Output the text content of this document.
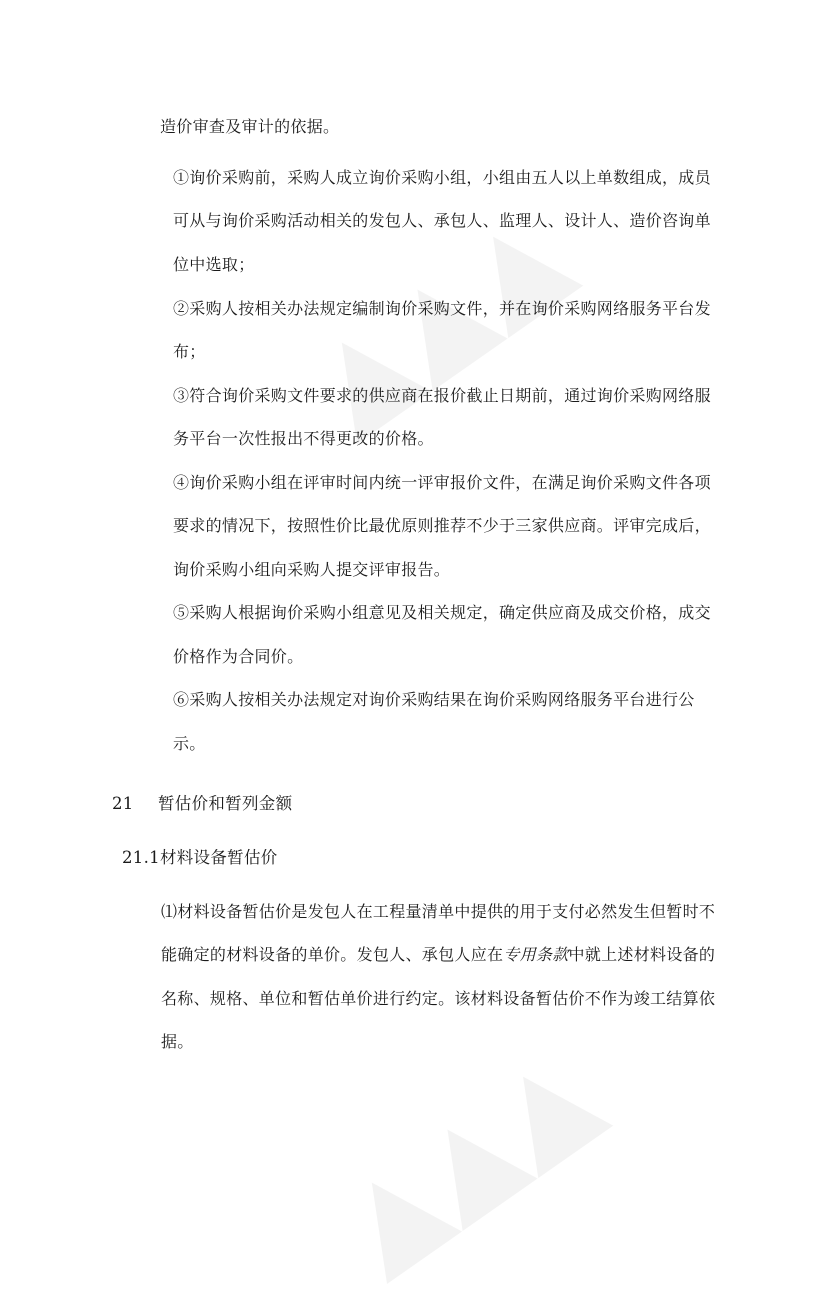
造价审查及审计的依据。

①询价采购前，采购人成立询价采购小组，小组由五人以上单数组成，成员

可从与询价采购活动相关的发包人、承包人、监理人、设计人、造价咨询单

位中选取；

②采购人按相关办法规定编制询价采购文件，并在询价采购网络服务平台发

布；

③符合询价采购文件要求的供应商在报价截止日期前，通过询价采购网络服

务平台一次性报出不得更改的价格。

④询价采购小组在评审时间内统一评审报价文件，在满足询价采购文件各项

要求的情况下，按照性价比最优原则推荐不少于三家供应商。评审完成后，

询价采购小组向采购人提交评审报告。

⑤采购人根据询价采购小组意见及相关规定，确定供应商及成交价格，成交

价格作为合同价。

⑥采购人按相关办法规定对询价采购结果在询价采购网络服务平台进行公

示。

21 暂估价和暂列金额

21.1材料设备暂估价

⑴材料设备暂估价是发包人在工程量清单中提供的用于支付必然发生但暂时不

能确定的材料设备的单价。发包人、承包人应在专用条款中就上述材料设备的

名称、规格、单位和暂估单价进行约定。该材料设备暂估价不作为竣工结算依

据。
